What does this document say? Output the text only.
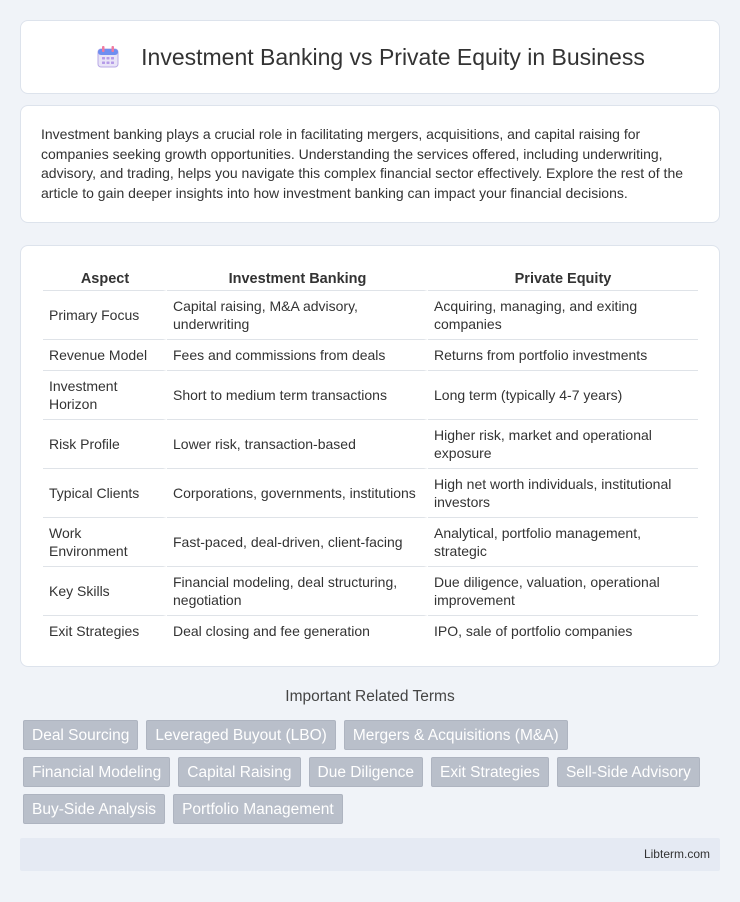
Investment Banking vs Private Equity in Business

Investment banking plays a crucial role in facilitating mergers, acquisitions, and capital raising for companies seeking growth opportunities. Understanding the services offered, including underwriting, advisory, and trading, helps you navigate this complex financial sector effectively. Explore the rest of the article to gain deeper insights into how investment banking can impact your financial decisions.

Aspect	Investment Banking	Private Equity
Primary Focus	Capital raising, M&A advisory, underwriting	Acquiring, managing, and exiting companies
Revenue Model	Fees and commissions from deals	Returns from portfolio investments
Investment Horizon	Short to medium term transactions	Long term (typically 4-7 years)
Risk Profile	Lower risk, transaction-based	Higher risk, market and operational exposure
Typical Clients	Corporations, governments, institutions	High net worth individuals, institutional investors
Work Environment	Fast-paced, deal-driven, client-facing	Analytical, portfolio management, strategic
Key Skills	Financial modeling, deal structuring, negotiation	Due diligence, valuation, operational improvement
Exit Strategies	Deal closing and fee generation	IPO, sale of portfolio companies
Important Related Terms
Deal Sourcing	Leveraged Buyout (LBO)	Mergers & Acquisitions (M&A)
Financial Modeling	Capital Raising	Due Diligence	Exit Strategies	Sell-Side Advisory
Buy-Side Analysis	Portfolio Management
Libterm.com
